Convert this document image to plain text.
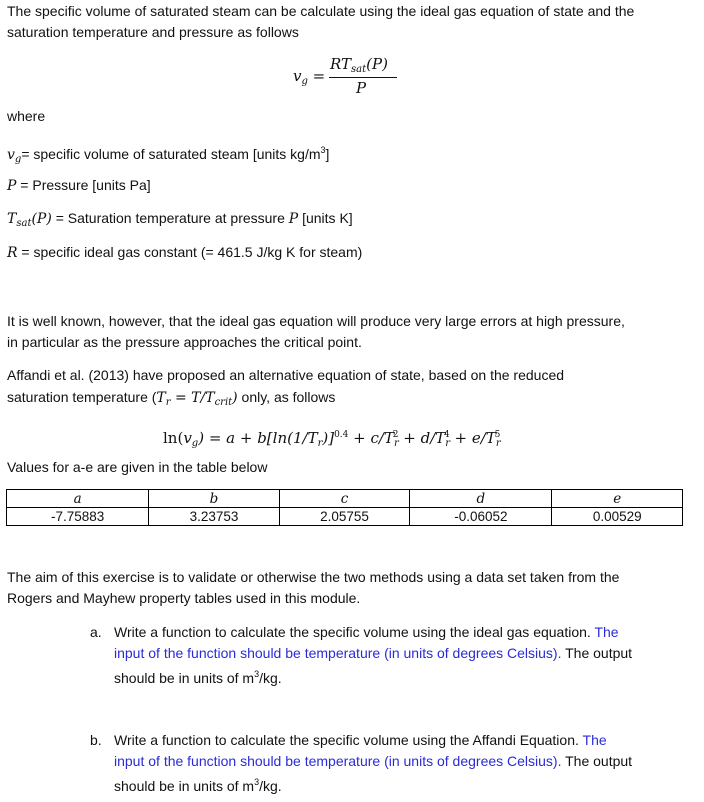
The specific volume of saturated steam can be calculate using the ideal gas equation of state and the
saturation temperature and pressure as follows
$v_g$ =
$RT_{sat}(P)$
P
where
$v_g=$ specific volume of saturated steam [units $kg/m^3$]
P = Pressure [units Pa]
$T_{sat}(P)$ = Saturation temperature at pressure P [units K]
R = specific ideal gas constant (= 461.5 J/kg K for steam)
It is well known, however, that the ideal gas equation will produce very large errors at high pressure,
in particular as the pressure approaches the critical point.
Affandi et al. (2013) have proposed an alternative equation of state, based on the reduced
saturation temperature $(T_r = T/T_{crit})$ only, as follows
$\ln(v_g) = a + b[\ln(1/T_r)]^{0.4} + c/T_r^2 + d/T_r^4 + e/T_r^5$
Values for a-e are given in the table below
a	b	c	d	e
-7.75883	3.23753	2.05755	-0.06052	0.00529
The aim of this exercise is to validate or otherwise the two methods using a data set taken from the
Rogers and Mayhew property tables used in this module.
a. Write a function to calculate the specific volume using the ideal gas equation. The
input of the function should be temperature (in units of degrees Celsius). The output
should be in units of $m^3/kg$.
b. Write a function to calculate the specific volume using the Affandi Equation. The
input of the function should be temperature (in units of degrees Celsius). The output
should be in units of $m^3/kg$.
